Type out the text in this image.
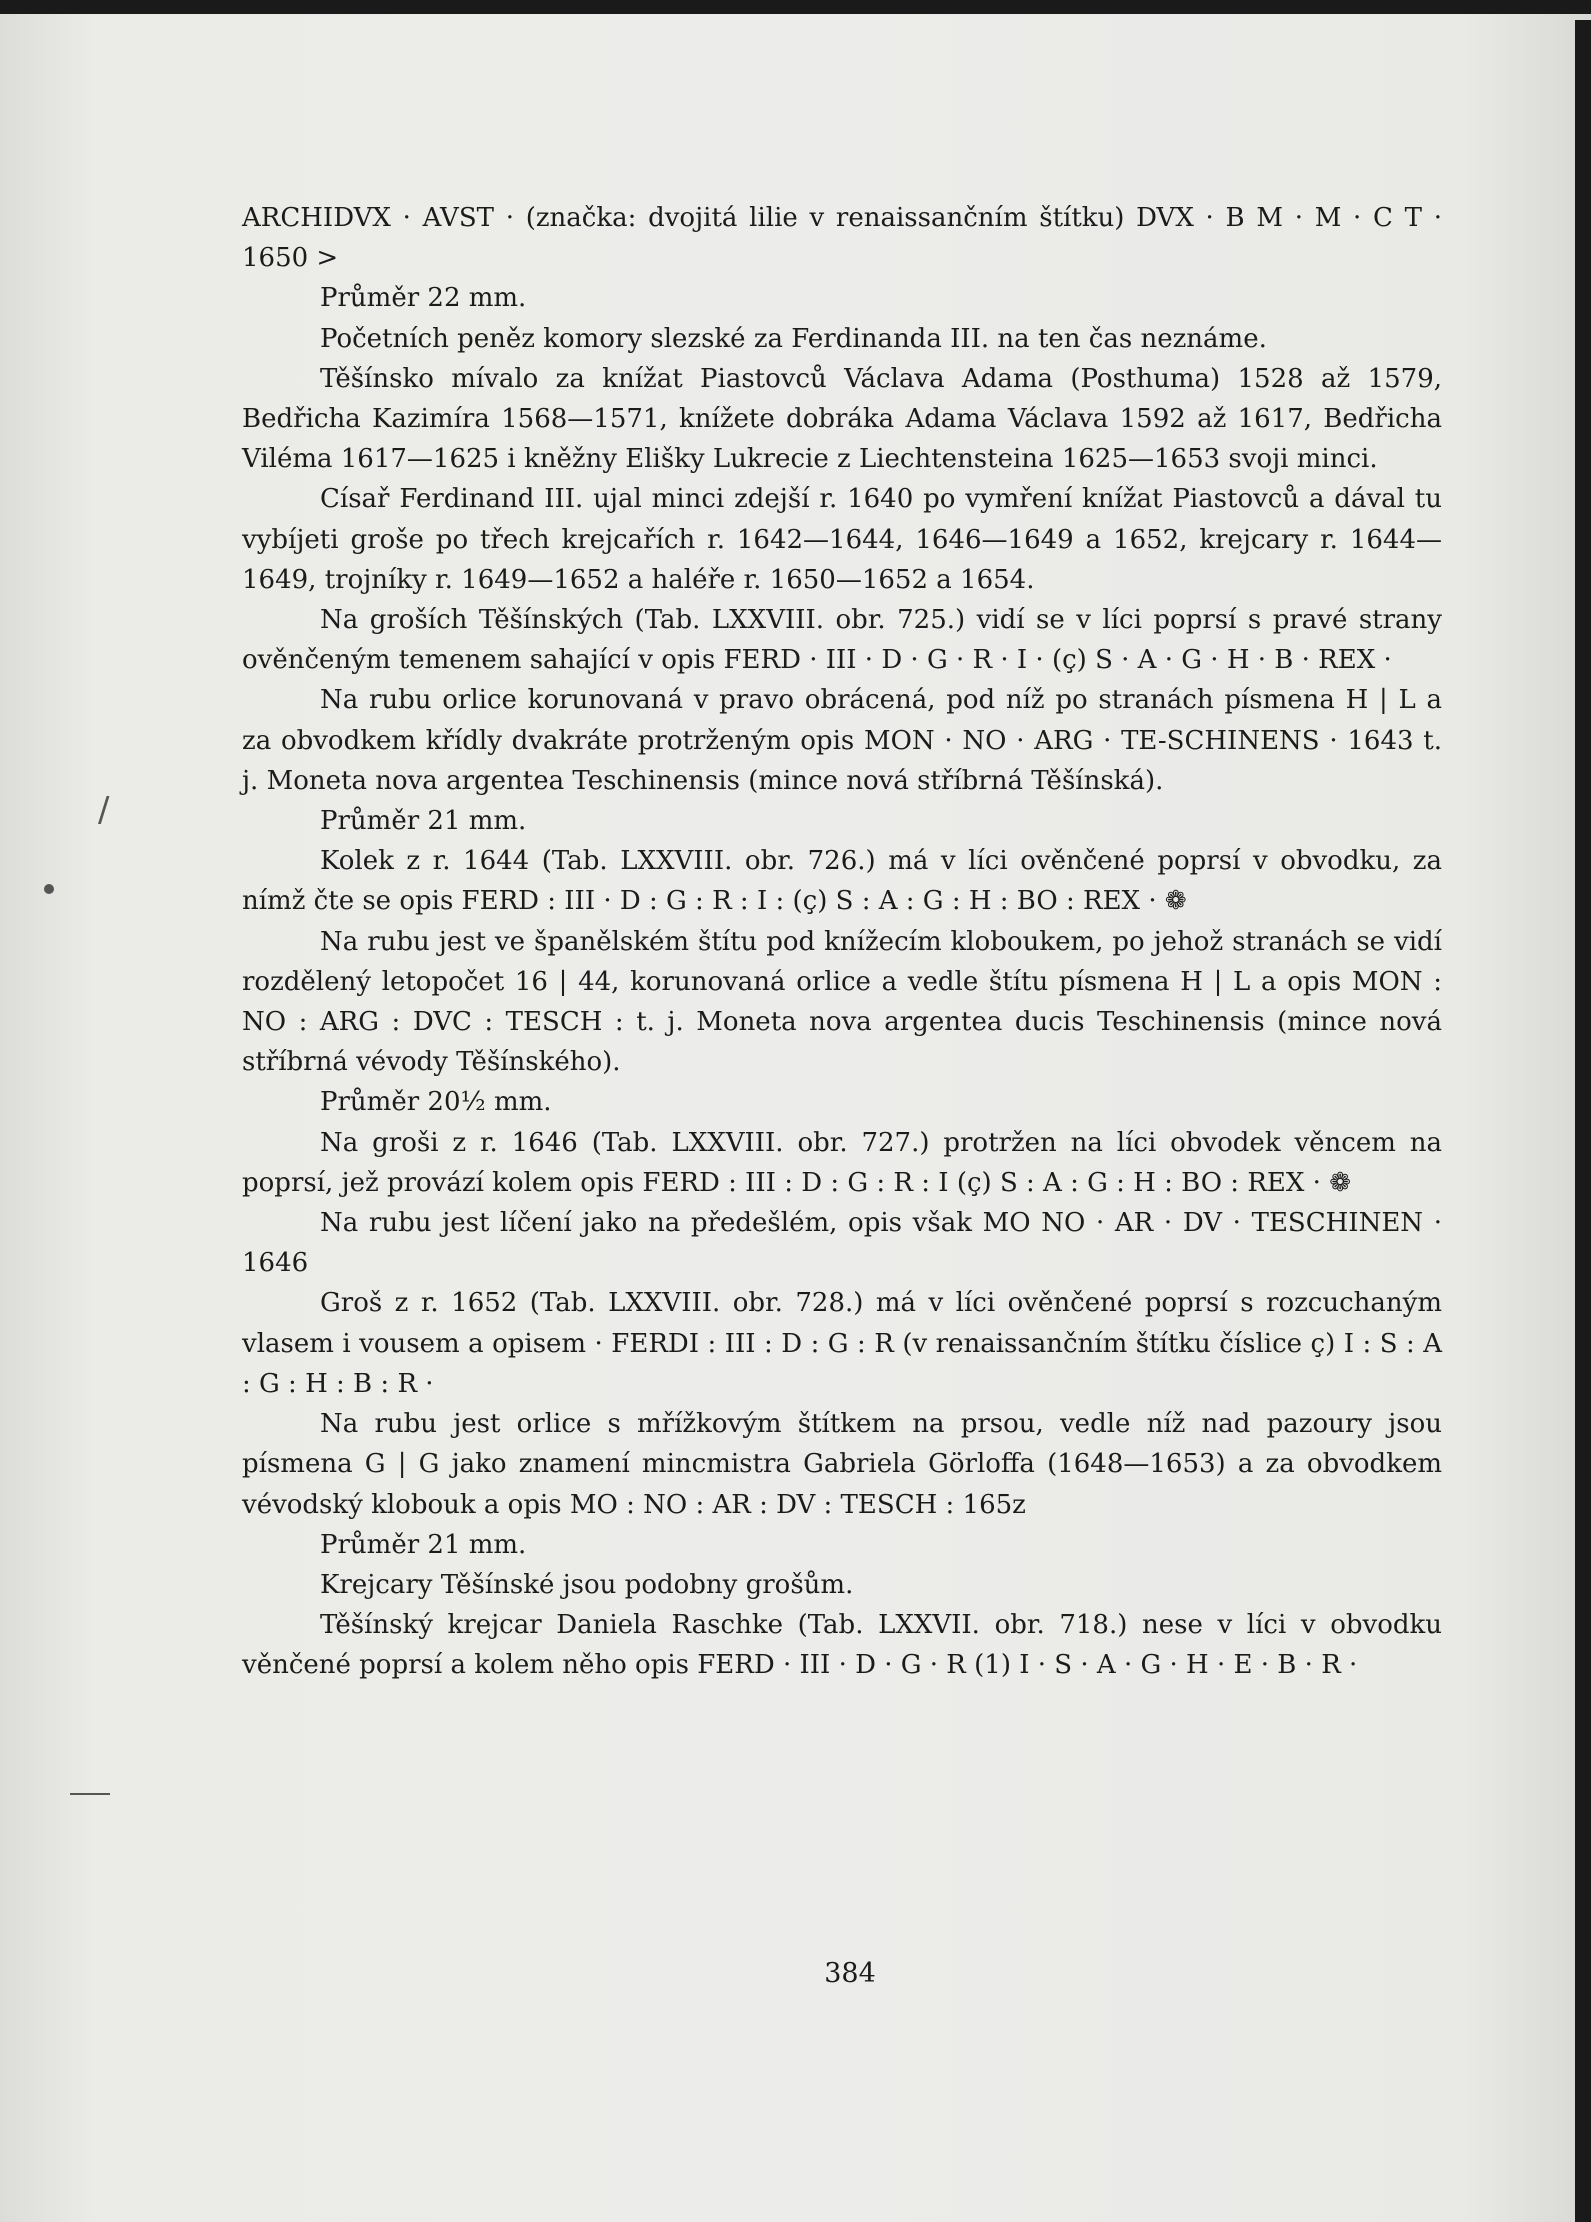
/

ARCHIDVX · AVST · (značka: dvojitá lilie v renaissančním štítku) DVX · B M · M · C T · 1650 >

Průměr 22 mm.

Početních peněz komory slezské za Ferdinanda III. na ten čas neznáme.

Těšínsko mívalo za knížat Piastovců Václava Adama (Posthuma) 1528 až 1579, Bedřicha Kazimíra 1568—1571, knížete dobráka Adama Václava 1592 až 1617, Bedřicha Viléma 1617—1625 i kněžny Elišky Lukrecie z Liechtensteina 1625—1653 svoji minci.

Císař Ferdinand III. ujal minci zdejší r. 1640 po vymření knížat Piastovců a dával tu vybíjeti groše po třech krejcařích r. 1642—1644, 1646—1649 a 1652, krejcary r. 1644—1649, trojníky r. 1649—1652 a haléře r. 1650—1652 a 1654.

Na groších Těšínských (Tab. LXXVIII. obr. 725.) vidí se v líci poprsí s pravé strany ověnčeným temenem sahající v opis FERD · III · D · G · R · I · (ç) S · A · G · H · B · REX ·

Na rubu orlice korunovaná v pravo obrácená, pod níž po stranách písmena H | L a za obvodkem křídly dvakráte protrženým opis MON · NO · ARG · TE-SCHINENS · 1643 t. j. Moneta nova argentea Teschinensis (mince nová stříbrná Těšínská).

Průměr 21 mm.

Kolek z r. 1644 (Tab. LXXVIII. obr. 726.) má v líci ověnčené poprsí v obvodku, za nímž čte se opis FERD : III · D : G : R : I : (ç) S : A : G : H : BO : REX · ❁

Na rubu jest ve španělském štítu pod knížecím kloboukem, po jehož stranách se vidí rozdělený letopočet 16 | 44, korunovaná orlice a vedle štítu písmena H | L a opis MON : NO : ARG : DVC : TESCH : t. j. Moneta nova argentea ducis Teschinensis (mince nová stříbrná vévody Těšínského).

Průměr 20½ mm.

Na groši z r. 1646 (Tab. LXXVIII. obr. 727.) protržen na líci obvodek věncem na poprsí, jež provází kolem opis FERD : III : D : G : R : I (ç) S : A : G : H : BO : REX · ❁

Na rubu jest líčení jako na předešlém, opis však MO NO · AR · DV · TESCHINEN · 1646

Groš z r. 1652 (Tab. LXXVIII. obr. 728.) má v líci ověnčené poprsí s rozcuchaným vlasem i vousem a opisem · FERDI : III : D : G : R (v renaissančním štítku číslice ç) I : S : A : G : H : B : R ·

Na rubu jest orlice s mřížkovým štítkem na prsou, vedle níž nad pazoury jsou písmena G | G jako znamení mincmistra Gabriela Görloffa (1648—1653) a za obvodkem vévodský klobouk a opis MO : NO : AR : DV : TESCH : 165z

Průměr 21 mm.

Krejcary Těšínské jsou podobny grošům.

Těšínský krejcar Daniela Raschke (Tab. LXXVII. obr. 718.) nese v líci v obvodku věnčené poprsí a kolem něho opis FERD · III · D · G · R (1) I · S · A · G · H · E · B · R ·

384
